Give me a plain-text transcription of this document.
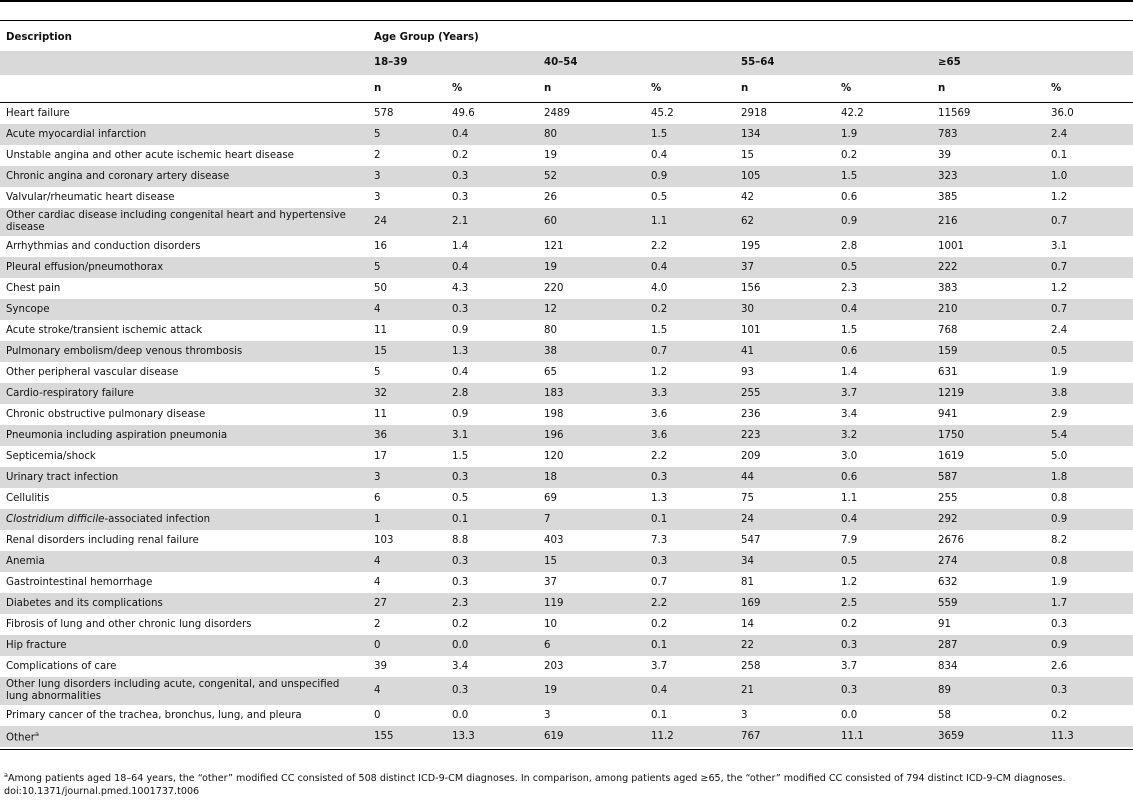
Description	Age Group (Years)							
	18–39		40–54		55–64		≥65	
	n	%	n	%	n	%	n	%
Heart failure	578	49.6	2489	45.2	2918	42.2	11569	36.0
Acute myocardial infarction	5	0.4	80	1.5	134	1.9	783	2.4
Unstable angina and other acute ischemic heart disease	2	0.2	19	0.4	15	0.2	39	0.1
Chronic angina and coronary artery disease	3	0.3	52	0.9	105	1.5	323	1.0
Valvular/rheumatic heart disease	3	0.3	26	0.5	42	0.6	385	1.2
Other cardiac disease including congenital heart and hypertensive disease	24	2.1	60	1.1	62	0.9	216	0.7
Arrhythmias and conduction disorders	16	1.4	121	2.2	195	2.8	1001	3.1
Pleural effusion/pneumothorax	5	0.4	19	0.4	37	0.5	222	0.7
Chest pain	50	4.3	220	4.0	156	2.3	383	1.2
Syncope	4	0.3	12	0.2	30	0.4	210	0.7
Acute stroke/transient ischemic attack	11	0.9	80	1.5	101	1.5	768	2.4
Pulmonary embolism/deep venous thrombosis	15	1.3	38	0.7	41	0.6	159	0.5
Other peripheral vascular disease	5	0.4	65	1.2	93	1.4	631	1.9
Cardio-respiratory failure	32	2.8	183	3.3	255	3.7	1219	3.8
Chronic obstructive pulmonary disease	11	0.9	198	3.6	236	3.4	941	2.9
Pneumonia including aspiration pneumonia	36	3.1	196	3.6	223	3.2	1750	5.4
Septicemia/shock	17	1.5	120	2.2	209	3.0	1619	5.0
Urinary tract infection	3	0.3	18	0.3	44	0.6	587	1.8
Cellulitis	6	0.5	69	1.3	75	1.1	255	0.8
Clostridium difficile-associated infection	1	0.1	7	0.1	24	0.4	292	0.9
Renal disorders including renal failure	103	8.8	403	7.3	547	7.9	2676	8.2
Anemia	4	0.3	15	0.3	34	0.5	274	0.8
Gastrointestinal hemorrhage	4	0.3	37	0.7	81	1.2	632	1.9
Diabetes and its complications	27	2.3	119	2.2	169	2.5	559	1.7
Fibrosis of lung and other chronic lung disorders	2	0.2	10	0.2	14	0.2	91	0.3
Hip fracture	0	0.0	6	0.1	22	0.3	287	0.9
Complications of care	39	3.4	203	3.7	258	3.7	834	2.6
Other lung disorders including acute, congenital, and unspecified lung abnormalities	4	0.3	19	0.4	21	0.3	89	0.3
Primary cancer of the trachea, bronchus, lung, and pleura	0	0.0	3	0.1	3	0.0	58	0.2
Other$^a$	155	13.3	619	11.2	767	11.1	3659	11.3
$^a$Among patients aged 18–64 years, the “other” modified CC consisted of 508 distinct ICD-9-CM diagnoses. In comparison, among patients aged ≥65, the “other” modified CC consisted of 794 distinct ICD-9-CM diagnoses.
doi:10.1371/journal.pmed.1001737.t006
